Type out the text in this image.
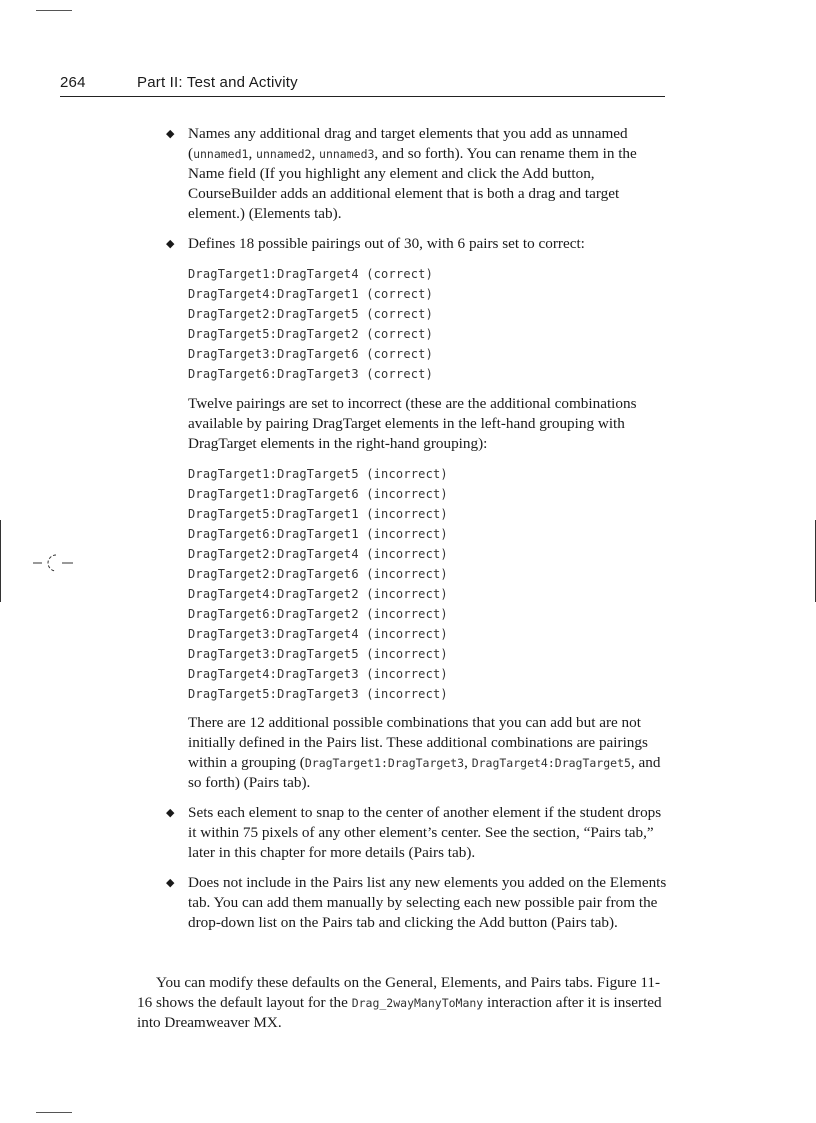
264	Part II: Test and Activity
◆ Names any additional drag and target elements that you add as unnamed (unnamed1, unnamed2, unnamed3, and so forth). You can rename them in the Name field (If you highlight any element and click the Add button, CourseBuilder adds an additional element that is both a drag and target element.) (Elements tab).

◆ Defines 18 possible pairings out of 30, with 6 pairs set to correct:

DragTarget1:DragTarget4 (correct)
DragTarget4:DragTarget1 (correct)
DragTarget2:DragTarget5 (correct)
DragTarget5:DragTarget2 (correct)
DragTarget3:DragTarget6 (correct)
DragTarget6:DragTarget3 (correct)

Twelve pairings are set to incorrect (these are the additional combinations available by pairing DragTarget elements in the left-hand grouping with DragTarget elements in the right-hand grouping):

DragTarget1:DragTarget5 (incorrect)
DragTarget1:DragTarget6 (incorrect)
DragTarget5:DragTarget1 (incorrect)
DragTarget6:DragTarget1 (incorrect)
DragTarget2:DragTarget4 (incorrect)
DragTarget2:DragTarget6 (incorrect)
DragTarget4:DragTarget2 (incorrect)
DragTarget6:DragTarget2 (incorrect)
DragTarget3:DragTarget4 (incorrect)
DragTarget3:DragTarget5 (incorrect)
DragTarget4:DragTarget3 (incorrect)
DragTarget5:DragTarget3 (incorrect)

There are 12 additional possible combinations that you can add but are not initially defined in the Pairs list. These additional combinations are pairings within a grouping (DragTarget1:DragTarget3, DragTarget4:DragTarget5, and so forth) (Pairs tab).

◆ Sets each element to snap to the center of another element if the student drops it within 75 pixels of any other element’s center. See the section, “Pairs tab,” later in this chapter for more details (Pairs tab).

◆ Does not include in the Pairs list any new elements you added on the Elements tab. You can add them manually by selecting each new possible pair from the drop-down list on the Pairs tab and clicking the Add button (Pairs tab).

You can modify these defaults on the General, Elements, and Pairs tabs. Figure 11-16 shows the default layout for the Drag_2wayManyToMany interaction after it is inserted into Dreamweaver MX.
